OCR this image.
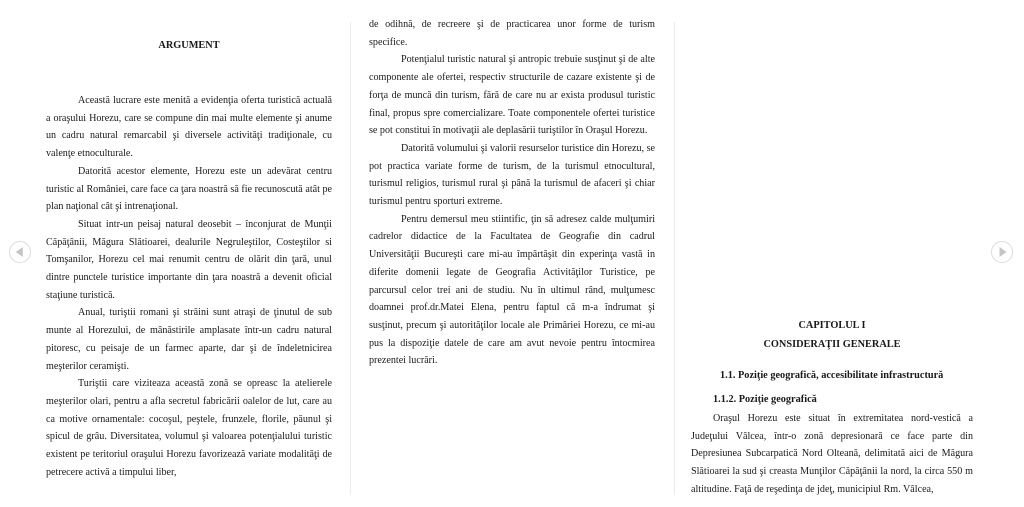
ARGUMENT

Această lucrare este menită a evidenţia oferta turistică actuală a oraşului Horezu, care se compune din mai multe elemente şi anume un cadru natural remarcabil şi diversele activităţi tradiţionale, cu valenţe etnoculturale.

Datorită acestor elemente, Horezu este un adevărat centru turistic al României, care face ca ţara noastră să fie recunoscută atât pe plan naţional cât şi intrenaţional.

Situat intr-un peisaj natural deosebit – înconjurat de Munţii Căpăţânii, Măgura Slătioarei, dealurile Negruleştilor, Costeştilor si Tomşanilor, Horezu cel mai renumit centru de olărit din ţară, unul dintre punctele turistice importante din ţara noastră a devenit oficial staţiune turistică.

Anual, turiştii romani şi străini sunt atraşi de ţinutul de sub munte al Horezului, de mânăstirile amplasate într-un cadru natural pitoresc, cu peisaje de un farmec aparte, dar şi de îndeletnicirea meşterilor ceramişti.

Turiştii care viziteaza această zonă se opreasc la atelierele meşterilor olari, pentru a afla secretul fabricării oalelor de lut, care au ca motive ornamentale: cocoşul, peştele, frunzele, florile, păunul şi spicul de grâu. Diversitatea, volumul şi valoarea potenţialului turistic existent pe teritoriul oraşului Horezu favorizează variate modalităţi de petrecere activă a timpului liber,

de odihnă, de recreere şi de practicarea unor forme de turism specifice.

Potenţialul turistic natural şi antropic trebuie susţinut şi de alte componente ale ofertei, respectiv structurile de cazare existente şi de forţa de muncă din turism, fără de care nu ar exista produsul turistic final, propus spre comercializare. Toate componentele ofertei turistice se pot constitui în motivaţii ale deplasării turiştilor în Oraşul Horezu.

Datorită volumului şi valorii resurselor turistice din Horezu, se pot practica variate forme de turism, de la turismul etnocultural, turismul religios, turismul rural şi până la turismul de afaceri şi chiar turismul pentru sporturi extreme.

Pentru demersul meu stiintific, ţin să adresez calde mulţumiri cadrelor didactice de la Facultatea de Geografie din cadrul Universităţii Bucureşti care mi-au împărtăşit din experinţa vastă in diferite domenii legate de Geografia Activităţilor Turistice, pe parcursul celor trei ani de studiu. Nu în ultimul rând, mulţumesc doamnei prof.dr.Matei Elena, pentru faptul că m-a îndrumat şi susţinut, precum şi autorităţilor locale ale Primăriei Horezu, ce mi-au pus la dispoziţie datele de care am avut nevoie pentru întocmirea prezentei lucrări.

CAPITOLUL I
CONSIDERAŢII GENERALE
1.1. Poziţie geografică, accesibilitate infrastructură
1.1.2. Poziţie geografică

Oraşul Horezu este situat în extremitatea nord-vestică a Judeţului Vâlcea, într-o zonă depresionară ce face parte din Depresiunea Subcarpatică Nord Olteană, delimitată aici de Măgura Slătioarei la sud şi creasta Munţilor Căpăţânii la nord, la circa 550 m altitudine. Faţă de reşedinţa de jdeţ, municipiul Rm. Vâlcea,
